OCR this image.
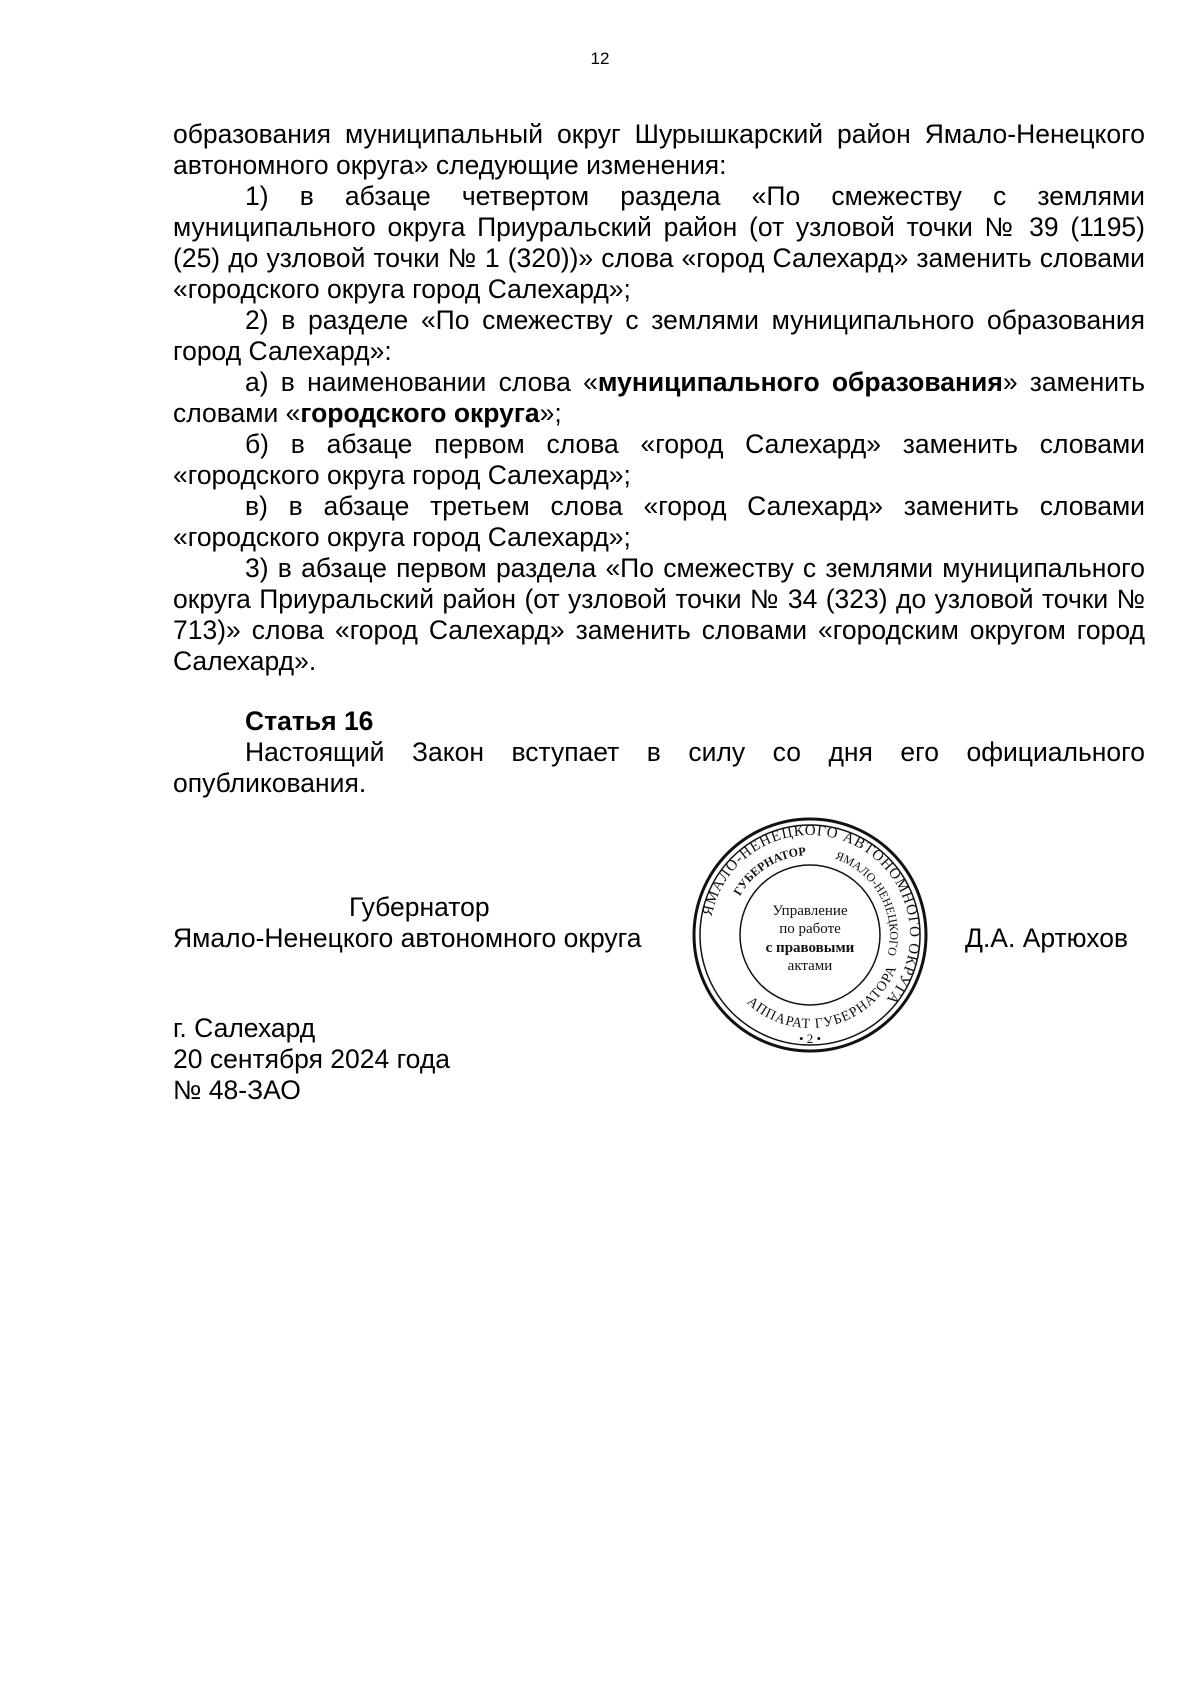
12

образования муниципальный округ Шурышкарский район Ямало-Ненецкого автономного округа» следующие изменения:

1) в абзаце четвертом раздела «По смежеству с землями муниципального округа Приуральский район (от узловой точки № 39 (1195) (25) до узловой точки № 1 (320))» слова «город Салехард» заменить словами «городского округа город Салехард»;

2) в разделе «По смежеству с землями муниципального образования город Салехард»:

а) в наименовании слова «муниципального образования» заменить словами «городского округа»;

б) в абзаце первом слова «город Салехард» заменить словами «городского округа город Салехард»;

в) в абзаце третьем слова «город Салехард» заменить словами «городского округа город Салехард»;

3) в абзаце первом раздела «По смежеству с землями муниципального округа Приуральский район (от узловой точки № 34 (323) до узловой точки № 713)» слова «город Салехард» заменить словами «городским округом город Салехард».

Статья 16
Настоящий Закон вступает в силу со дня его официального опубликования.
Губернатор
Ямало-Ненецкого автономного округа	Д.А. Артюхов
г. Салехард
20 сентября 2024 года
№ 48-ЗАО
ЯМАЛО-НЕНЕЦКОГО АВТОНОМНОГО ОКРУГА
ГУБЕРНАТОР ЯМАЛО-НЕНЕЦКОГО
АППАРАТ ГУБЕРНАТОРА
Управление
по работе
с правовыми
актами
• 2 •
